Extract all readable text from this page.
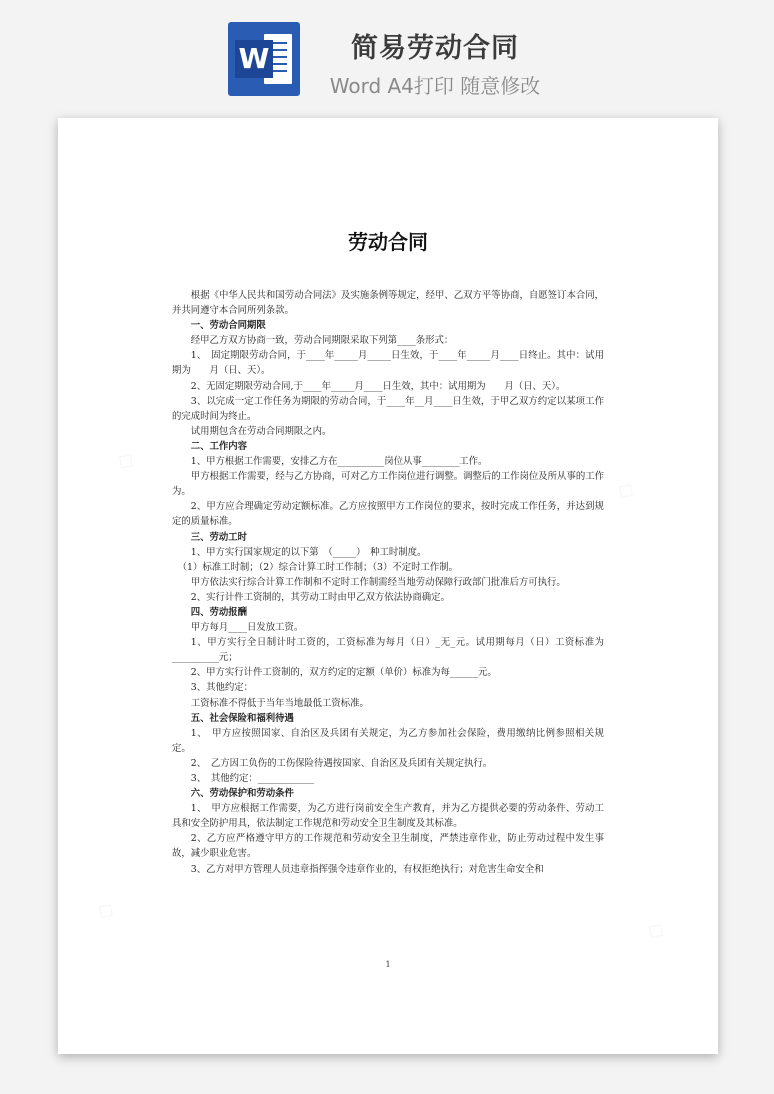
W	简易劳动合同
Word A4打印 随意修改
劳动合同

根据《中华人民共和国劳动合同法》及实施条例等规定，经甲、乙双方平等协商，自愿签订本合同，并共同遵守本合同所列条款。

一、劳动合同期限

经甲乙方双方协商一致，劳动合同期限采取下列第____条形式：

1、　固定期限劳动合同，于____年_____月_____日生效，于____年_____月____日终止。其中：试用期为　　月（日、天）。

2、无固定期限劳动合同,于____年_____月____日生效，其中：试用期为　　月（日、天）。

3、以完成一定工作任务为期限的劳动合同，于____年__月____日生效，于甲乙双方约定以某项工作的完成时间为终止。

试用期包含在劳动合同期限之内。

二、工作内容

1、甲方根据工作需要，安排乙方在__________岗位从事________工作。

甲方根据工作需要，经与乙方协商，可对乙方工作岗位进行调整。调整后的工作岗位及所从事的工作为。

2、甲方应合理确定劳动定额标准。乙方应按照甲方工作岗位的要求，按时完成工作任务，并达到规定的质量标准。

三、劳动工时

1、甲方实行国家规定的以下第　（_____）　种工时制度。

（1）标准工时制；（2）综合计算工时工作制；（3）不定时工作制。

甲方依法实行综合计算工作制和不定时工作制需经当地劳动保障行政部门批准后方可执行。

2、实行计件工资制的，其劳动工时由甲乙双方依法协商确定。

四、劳动报酬

甲方每月____日发放工资。

1、甲方实行全日制计时工资的，工资标准为每月（日）_无_元。试用期每月（日）工资标准为__________元；

2、甲方实行计件工资制的，双方约定的定额（单价）标准为每______元。

3、其他约定：

工资标准不得低于当年当地最低工资标准。

五、社会保险和福利待遇

1、　甲方应按照国家、自治区及兵团有关规定，为乙方参加社会保险，费用缴纳比例参照相关规定。

2、　乙方因工负伤的工伤保险待遇按国家、自治区及兵团有关规定执行。

3、　其他约定：____________

六、劳动保护和劳动条件

1、　甲方应根据工作需要，为乙方进行岗前安全生产教育，并为乙方提供必要的劳动条件、劳动工具和安全防护用具，依法制定工作规范和劳动安全卫生制度及其标准。

2、乙方应严格遵守甲方的工作规范和劳动安全卫生制度，严禁违章作业，防止劳动过程中发生事故，减少职业危害。

3、乙方对甲方管理人员违章指挥强令违章作业的，有权拒绝执行；对危害生命安全和

1
